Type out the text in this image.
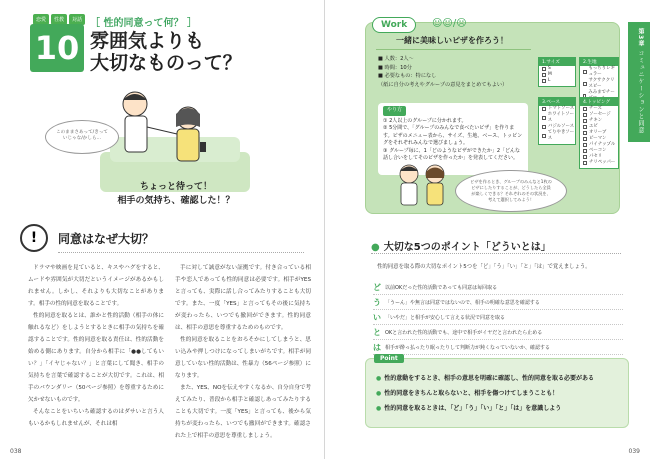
恋愛	性教	対話
10
［ 性的同意って何？ ］
雰囲気よりも
大切なものって？
このままさあって/きっていじゃな/かしら…

ちょっと待って！

相手の気持ち、確認した！？

!	同意はなぜ大切？

ドラマや映画を見ていると、キスやハグをすると、ムードや雰囲気が大切だというイメージがあるかもしれません。しかし、それよりも大切なことがあります。相手の性的同意を取ることです。

性的同意を取るとは、誰かと性的活動（相手の体に触れるなど）をしようとするときに相手の気持ちを確認することです。性的同意を取る責任は、性的活動を始める側にあります。自分から相手に「●●してもいい？」「イヤじゃない？」と言葉にして聞き、相手の気持ちを言葉で確認することが大切です。これは、相手のバウンダリー（50ページ参照）を尊重するために欠かせないものです。

そんなことをいちいち確認するのはダサいと言う人もいるかもしれませんが、それは相

手に対して誠意がない証拠です。付き合っている相手や恋人であっても性的同意は必要です。相手がYESと言っても、実際に話し合ってみたりすることも大切です。また、一度「YES」と言ってもその後に気持ちが変わったら、いつでも撤回ができます。性的同意は、相手の意思を尊重するためのものです。

性的同意を取ることをおろそかにしてしまうと、思い込みや押しつけになってしまいがちです。相手が同意していない性的活動は、性暴力（56ページ参照）になります。

また、YES、NOを伝えやすくなるか、自分自身で考えてみたり、普段から相手と確認しあってみたりすることも大切です。一度「YES」と言っても、後から気持ちが変わったら、いつでも撤回ができます。確認された上で相手の意思を尊重しましょう。

038
第3章 コミュニケーションと同意
Work	☺☺/☹
一緒に美味しいピザを作ろう！
■ 人数：2人～
■ 時間：10分
■ 必要なもの：特になし
（紙に自分の考えやグループの意見をまとめてもよい）
やり方
① 2人以上のグループに分かれます。
② 5分間で、「グループのみんなで食べたいピザ」を作ります。ピザのメニュー表から、サイズ、生地、ベース、トッピングをそれぞれみんなで選びましょう。
③ グループ毎に、1「どのようなピザができたか」2「どんな話し合いをしてそのピザを作ったか」を発表してください。
1.サイズ
S
M
L
2.生地
もっちりレギュラー
サクサククリスピー
みみまでチー
3.ベース
トマトソース
ホワイトソース
バジルソース
てりやきソース
4.トッピング
チーズ
ソーセージ
チキン
エビ
オリーブ
ピーマン
パイナップル
ベーコン
パセリ
チリペッパー
ピザを作るとき、グループのみんなと1枚のピザにしたりすることが、どうしたら全員が楽しくできる？それぞれのその状況を、考えて選択してみよう！
● 大切な5つのポイント「どういとは」
性的同意を取る際の大切なポイント5つを「ど」「う」「い」「と」「は」で覚えましょう。
ど 以前OKだった性的活動であっても同意は毎回取る
う 「うーん」や無言は同意ではないので、相手の明確な意思を確認する
い 「いやだ」と相手が安心して言える状況で同意を取る
と OKと言われた性的活動でも、途中で相手がイヤだと言われたら止める
は 相手が酔っ払ったり眠ったりして判断力が鈍くなっていないか、確認する
Point
● 性的意動をするとき、相手の意思を明確に確認し、性的同意を取る必要がある
● 性的同意をきちんと取らないと、相手を傷つけてしまうことも！
● 性的同意を取るときは、「ど」「う」「い」「と」「は」を意識しよう
039
